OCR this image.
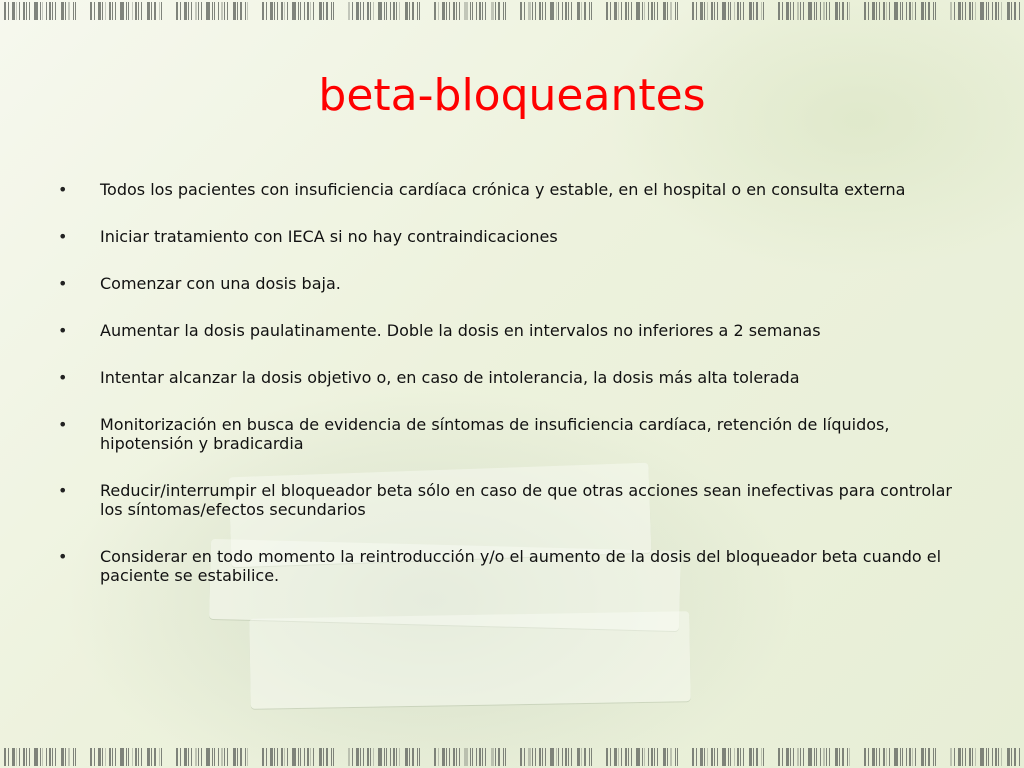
beta-bloqueantes
• Todos los pacientes con insuficiencia cardíaca crónica y estable, en el hospital o en consulta externa
• Iniciar tratamiento con IECA si no hay contraindicaciones
• Comenzar con una dosis baja.
• Aumentar la dosis paulatinamente. Doble la dosis en intervalos no inferiores a 2 semanas
• Intentar alcanzar la dosis objetivo o, en caso de intolerancia, la dosis más alta tolerada
• Monitorización en busca de evidencia de síntomas de insuficiencia cardíaca, retención de líquidos, hipotensión y bradicardia
• Reducir/interrumpir el bloqueador beta sólo en caso de que otras acciones sean inefectivas para controlar los síntomas/efectos secundarios
• Considerar en todo momento la reintroducción y/o el aumento de la dosis del bloqueador beta cuando el paciente se estabilice.
